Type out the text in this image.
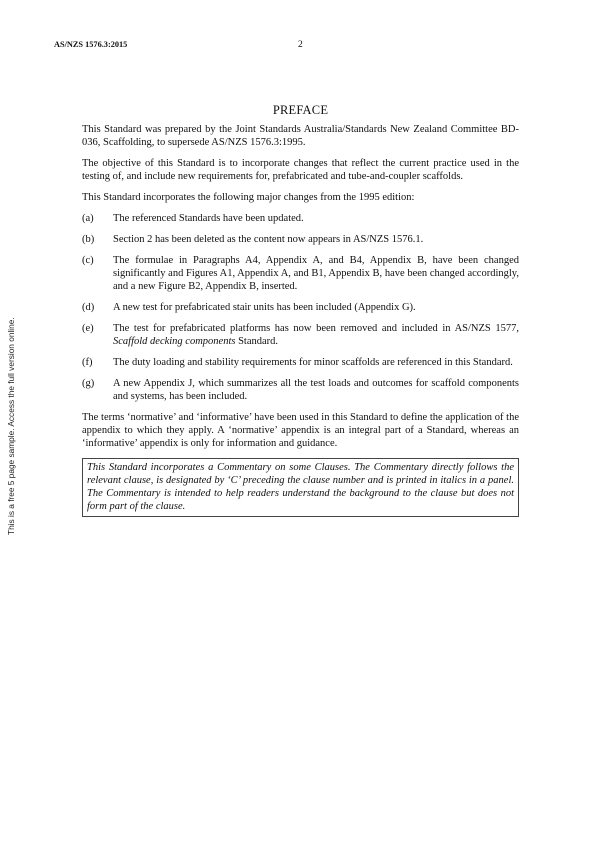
AS/NZS 1576.3:2015	2
This is a free 5 page sample. Access the full version online.
PREFACE

This Standard was prepared by the Joint Standards Australia/Standards New Zealand Committee BD-036, Scaffolding, to supersede AS/NZS 1576.3:1995.

The objective of this Standard is to incorporate changes that reflect the current practice used in the testing of, and include new requirements for, prefabricated and tube-and-coupler scaffolds.

This Standard incorporates the following major changes from the 1995 edition:

(a) The referenced Standards have been updated.
(b) Section 2 has been deleted as the content now appears in AS/NZS 1576.1.
(c) The formulae in Paragraphs A4, Appendix A, and B4, Appendix B, have been changed significantly and Figures A1, Appendix A, and B1, Appendix B, have been changed accordingly, and a new Figure B2, Appendix B, inserted.
(d) A new test for prefabricated stair units has been included (Appendix G).
(e) The test for prefabricated platforms has now been removed and included in AS/NZS 1577, Scaffold decking components Standard.
(f) The duty loading and stability requirements for minor scaffolds are referenced in this Standard.
(g) A new Appendix J, which summarizes all the test loads and outcomes for scaffold components and systems, has been included.

The terms ‘normative’ and ‘informative’ have been used in this Standard to define the application of the appendix to which they apply. A ‘normative’ appendix is an integral part of a Standard, whereas an ‘informative’ appendix is only for information and guidance.

This Standard incorporates a Commentary on some Clauses. The Commentary directly follows the relevant clause, is designated by ‘C’ preceding the clause number and is printed in italics in a panel. The Commentary is intended to help readers understand the background to the clause but does not form part of the clause.
